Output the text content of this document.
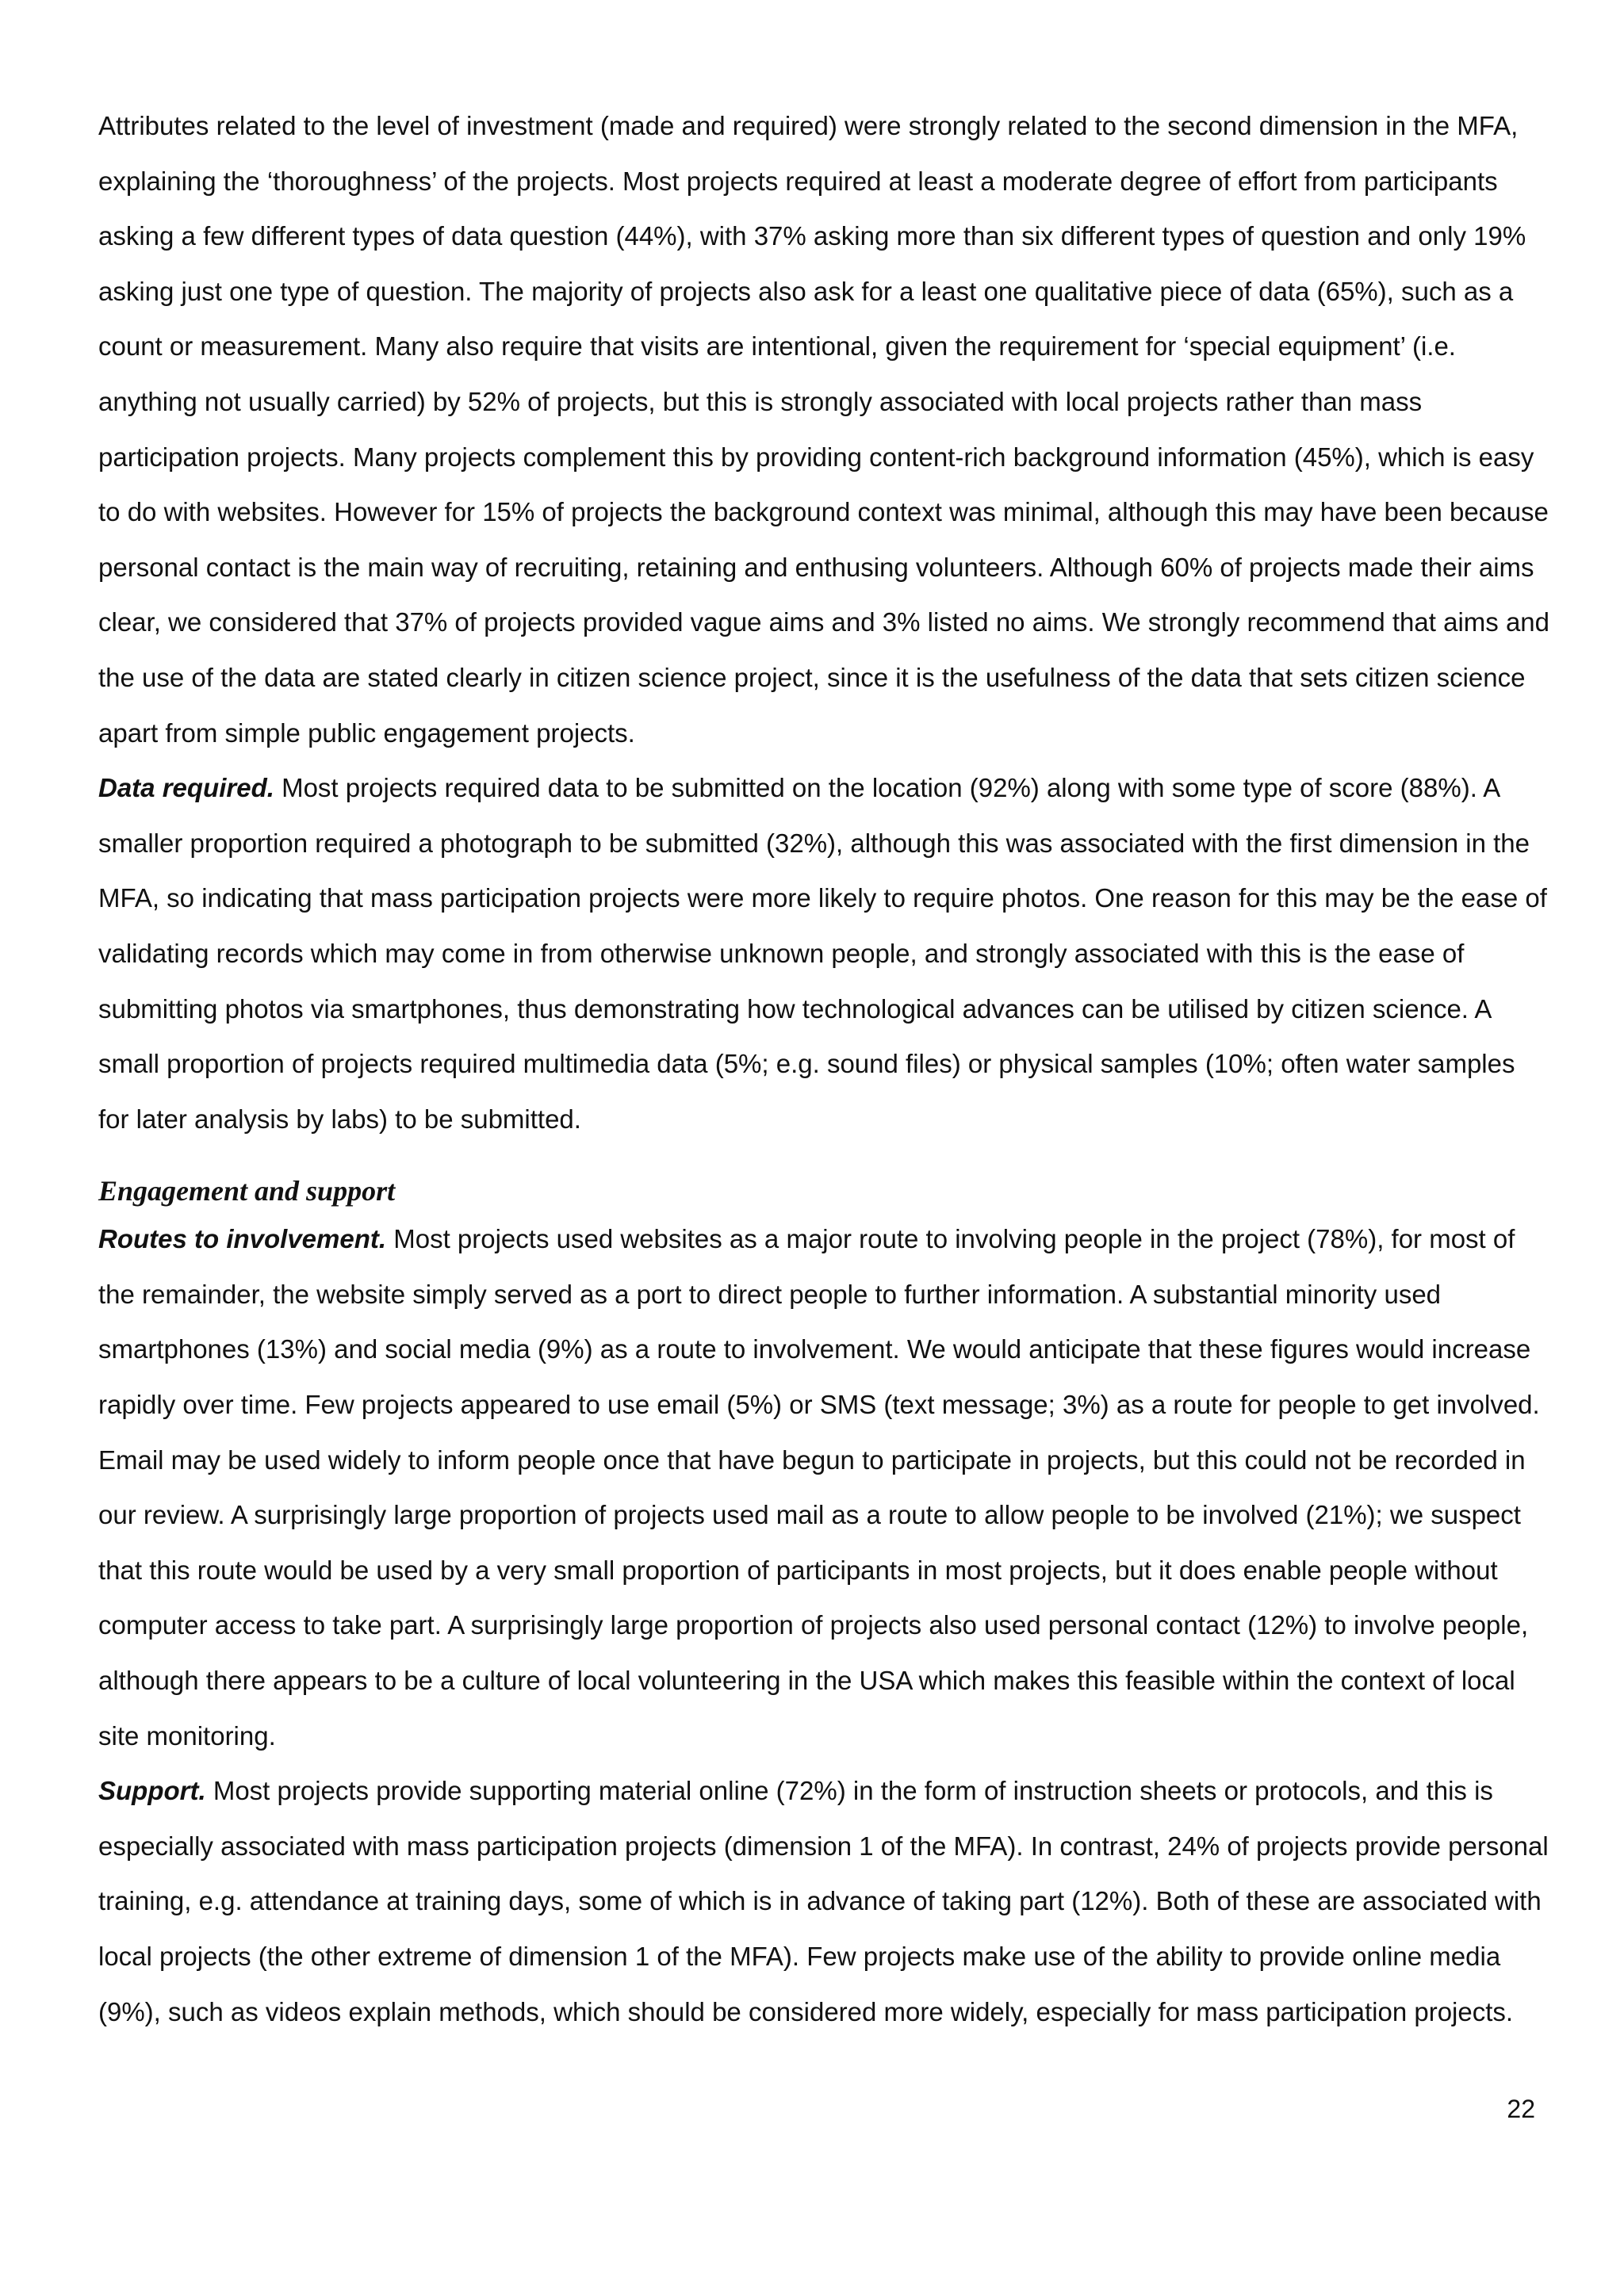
Attributes related to the level of investment (made and required) were strongly related to the second dimension in the MFA, explaining the ‘thoroughness’ of the projects. Most projects required at least a moderate degree of effort from participants asking a few different types of data question (44%), with 37% asking more than six different types of question and only 19% asking just one type of question. The majority of projects also ask for a least one qualitative piece of data (65%), such as a count or measurement. Many also require that visits are intentional, given the requirement for ‘special equipment’ (i.e. anything not usually carried) by 52% of projects, but this is strongly associated with local projects rather than mass participation projects. Many projects complement this by providing content-rich background information (45%), which is easy to do with websites. However for 15% of projects the background context was minimal, although this may have been because personal contact is the main way of recruiting, retaining and enthusing volunteers. Although 60% of projects made their aims clear, we considered that 37% of projects provided vague aims and 3% listed no aims. We strongly recommend that aims and the use of the data are stated clearly in citizen science project, since it is the usefulness of the data that sets citizen science apart from simple public engagement projects.

Data required. Most projects required data to be submitted on the location (92%) along with some type of score (88%). A smaller proportion required a photograph to be submitted (32%), although this was associated with the first dimension in the MFA, so indicating that mass participation projects were more likely to require photos. One reason for this may be the ease of validating records which may come in from otherwise unknown people, and strongly associated with this is the ease of submitting photos via smartphones, thus demonstrating how technological advances can be utilised by citizen science. A small proportion of projects required multimedia data (5%; e.g. sound files) or physical samples (10%; often water samples for later analysis by labs) to be submitted.

Engagement and support

Routes to involvement. Most projects used websites as a major route to involving people in the project (78%), for most of the remainder, the website simply served as a port to direct people to further information. A substantial minority used smartphones (13%) and social media (9%) as a route to involvement. We would anticipate that these figures would increase rapidly over time. Few projects appeared to use email (5%) or SMS (text message; 3%) as a route for people to get involved. Email may be used widely to inform people once that have begun to participate in projects, but this could not be recorded in our review. A surprisingly large proportion of projects used mail as a route to allow people to be involved (21%); we suspect that this route would be used by a very small proportion of participants in most projects, but it does enable people without computer access to take part. A surprisingly large proportion of projects also used personal contact (12%) to involve people, although there appears to be a culture of local volunteering in the USA which makes this feasible within the context of local site monitoring.

Support. Most projects provide supporting material online (72%) in the form of instruction sheets or protocols, and this is especially associated with mass participation projects (dimension 1 of the MFA). In contrast, 24% of projects provide personal training, e.g. attendance at training days, some of which is in advance of taking part (12%). Both of these are associated with local projects (the other extreme of dimension 1 of the MFA). Few projects make use of the ability to provide online media (9%), such as videos explain methods, which should be considered more widely, especially for mass participation projects.

22
